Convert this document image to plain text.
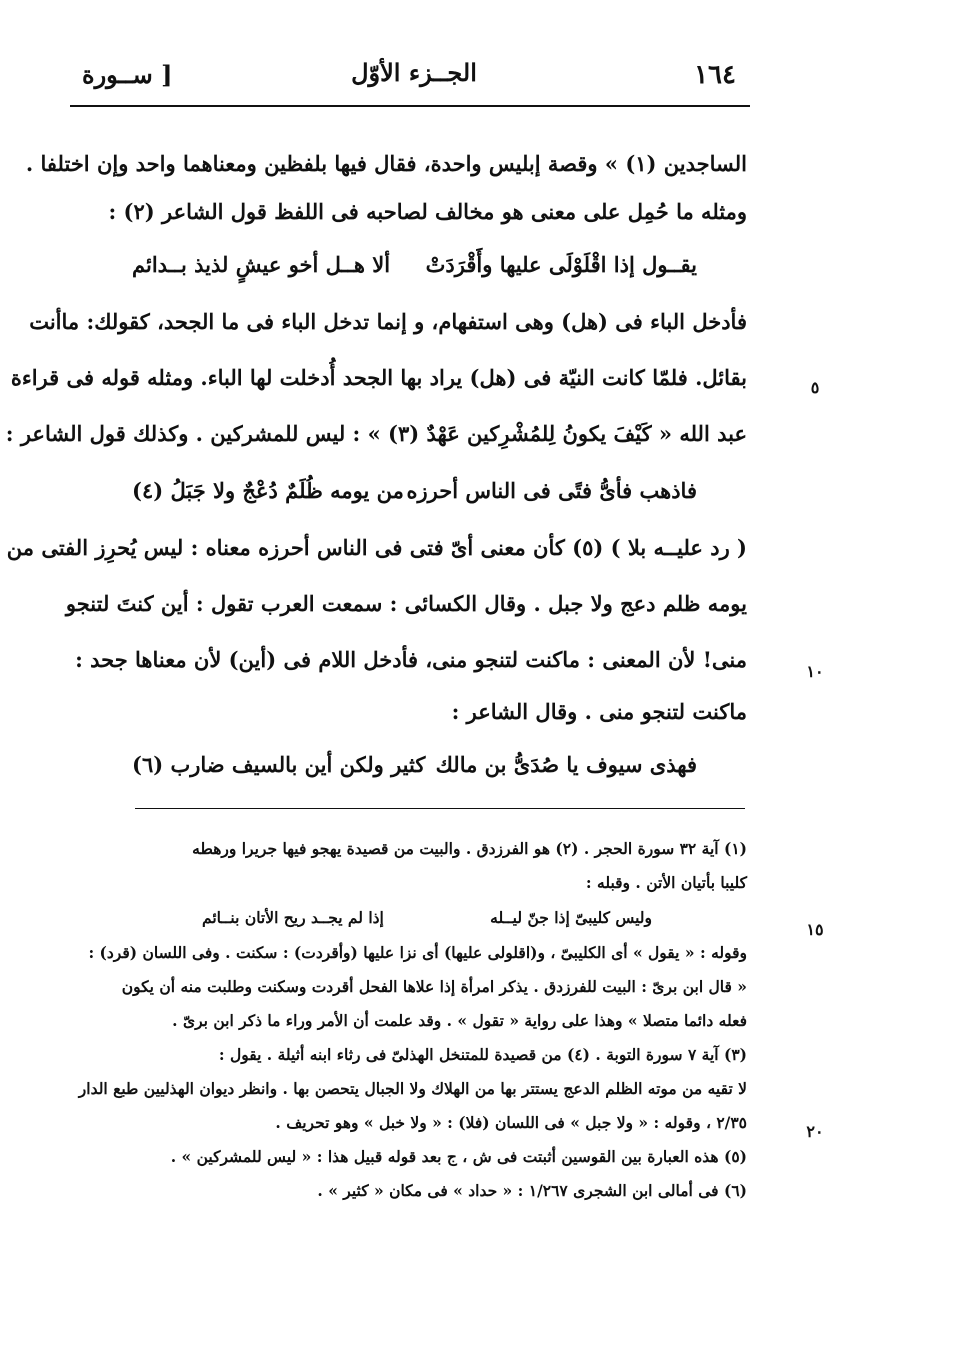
١٦٤
الجــزء الأوّل
[ ســورة
الساجدين (١) » وقصة إبليس واحدة، فقال فيها بلفظين ومعناهما واحد وإن اختلفا .
ومثله ما حُمِل على معنى هو مخالف لصاحبه فى اللفظ قول الشاعر (٢) :
يقــول إذا اقْلَوْلَى عليها وأَقْرَدَتْ
ألا هــل أخو عيشٍ لذيذ بــدائم
فأدخل الباء فى (هل) وهى استفهام، و إنما تدخل الباء فى ما الجحد، كقولك: ماأنت
بقائل. فلمّا كانت النيّة فى (هل) يراد بها الجحد أُدخلت لها الباء. ومثله قوله فى قراءة
عبد الله « كَيْفَ يكونُ لِلمُشْرِكين عَهْدٌ (٣) » : ليس للمشركين . وكذلك قول الشاعر :
فاذهب فأىُّ فتًى فى الناس أحرزه
من يومه ظُلَمٌ دُعْجٌ ولا جَبَلُ (٤)
( رد عليــه بلا ) (٥) كأن معنى أىّ فتى فى الناس أحرزه معناه : ليس يُحرِز الفتى من
يومه ظلم دعج ولا جبل . وقال الكسائى : سمعت العرب تقول : أين كنتَ لتنجو
منى! لأن المعنى : ماكنت لتنجو منى، فأدخل اللام فى (أين) لأن معناها جحد :
ماكنت لتنجو منى . وقال الشاعر :
فهذى سيوف يا صُدَىُّ بن مالك
كثير ولكن أين بالسيف ضارب (٦)
٥
١٠
١٥
٢٠
(١) آية ٣٢ سورة الحجر . (٢) هو الفرزدق . والبيت من قصيدة يهجو فيها جريرا ورهطه
كليبا بأتيان الأتن . وقبله :
وليس كليبىّ إذا جنّ ليــله
إذا لم يجــد ريح الأتان بنــائم
وقوله : « يقول » أى الكليبىّ ، و(اقلولى عليها) أى نزا عليها (وأقردت) : سكنت . وفى اللسان (قرد) :
« قال ابن برىّ : البيت للفرزدق . يذكر امرأة إذا علاها الفحل أقردت وسكنت وطلبت منه أن يكون
فعله دائما متصلا » وهذا على رواية « تقول » . وقد علمت أن الأمر وراء ما ذكر ابن برىّ .
(٣) آية ٧ سورة التوبة . (٤) من قصيدة للمتنخل الهذلىّ فى رثاء ابنه أثيلة . يقول :
لا تقيه من موته الظلم الدعج يستتر بها من الهلاك ولا الجبال يتحصن بها . وانظر ديوان الهذليين طبع الدار
٢/٣٥ ، وقوله : « ولا جبل » فى اللسان (فلا) : « ولا خبل » وهو تحريف .
(٥) هذه العبارة بين القوسين أثبتت فى ش ، ج بعد قوله قبيل هذا : « ليس للمشركين » .
(٦) فى أمالى ابن الشجرى ١/٢٦٧ : « حداد » فى مكان « كثير » .
